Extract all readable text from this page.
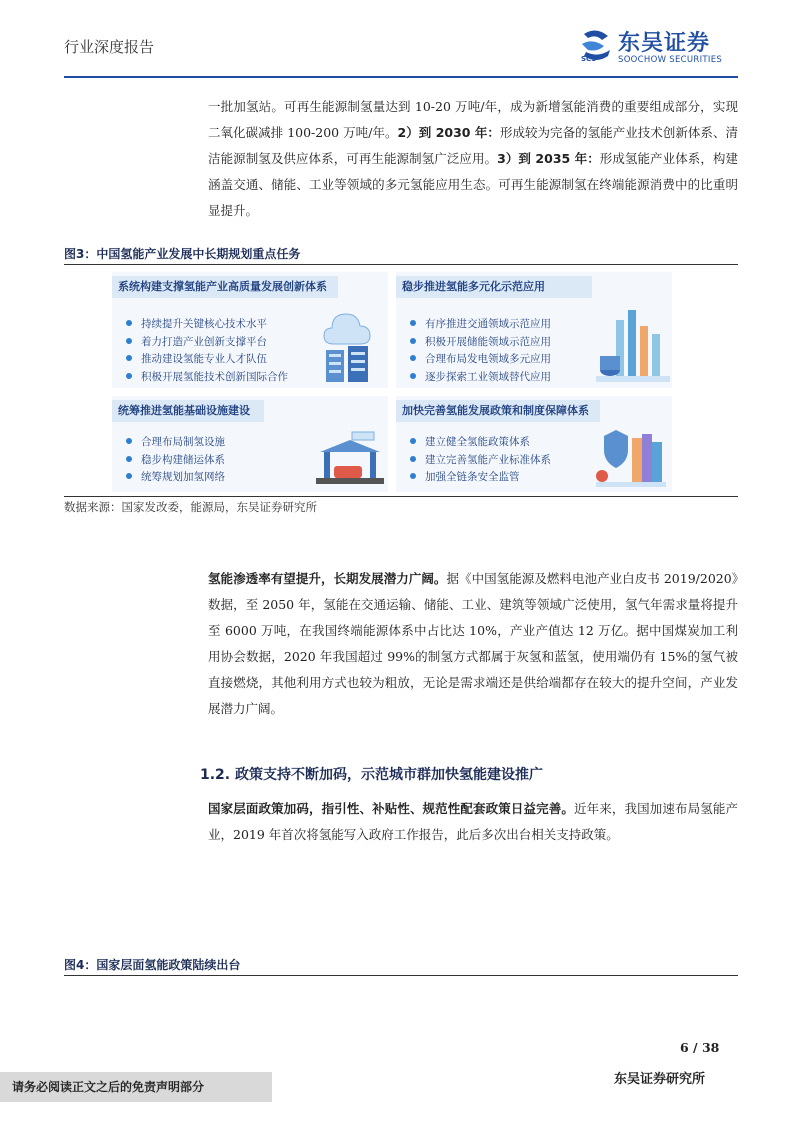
行业深度报告
SCS
东吴证券
SOOCHOW SECURITIES
一批加氢站。可再生能源制氢量达到 10-20 万吨/年，成为新增氢能消费的重要组成部分，实现二氧化碳减排 100-200 万吨/年。2）到 2030 年：形成较为完备的氢能产业技术创新体系、清洁能源制氢及供应体系，可再生能源制氢广泛应用。3）到 2035 年：形成氢能产业体系，构建涵盖交通、储能、工业等领域的多元氢能应用生态。可再生能源制氢在终端能源消费中的比重明显提升。
图3：中国氢能产业发展中长期规划重点任务
系统构建支撑氢能产业高质量发展创新体系
持续提升关键核心技术水平
着力打造产业创新支撑平台
推动建设氢能专业人才队伍
积极开展氢能技术创新国际合作
稳步推进氢能多元化示范应用
有序推进交通领域示范应用
积极开展储能领域示范应用
合理布局发电领域多元应用
逐步探索工业领域替代应用
统筹推进氢能基础设施建设
合理布局制氢设施
稳步构建储运体系
统筹规划加氢网络
加快完善氢能发展政策和制度保障体系
建立健全氢能政策体系
建立完善氢能产业标准体系
加强全链条安全监管
数据来源：国家发改委，能源局，东吴证券研究所
氢能渗透率有望提升，长期发展潜力广阔。据《中国氢能源及燃料电池产业白皮书 2019/2020》数据，至 2050 年，氢能在交通运输、储能、工业、建筑等领域广泛使用，氢气年需求量将提升至 6000 万吨，在我国终端能源体系中占比达 10%，产业产值达 12 万亿。据中国煤炭加工利用协会数据，2020 年我国超过 99%的制氢方式都属于灰氢和蓝氢，使用端仍有 15%的氢气被直接燃烧，其他利用方式也较为粗放，无论是需求端还是供给端都存在较大的提升空间，产业发展潜力广阔。
1.2. 政策支持不断加码，示范城市群加快氢能建设推广
国家层面政策加码，指引性、补贴性、规范性配套政策日益完善。近年来，我国加速布局氢能产业，2019 年首次将氢能写入政府工作报告，此后多次出台相关支持政策。
图4：国家层面氢能政策陆续出台
6 / 38
请务必阅读正文之后的免责声明部分	东吴证券研究所
